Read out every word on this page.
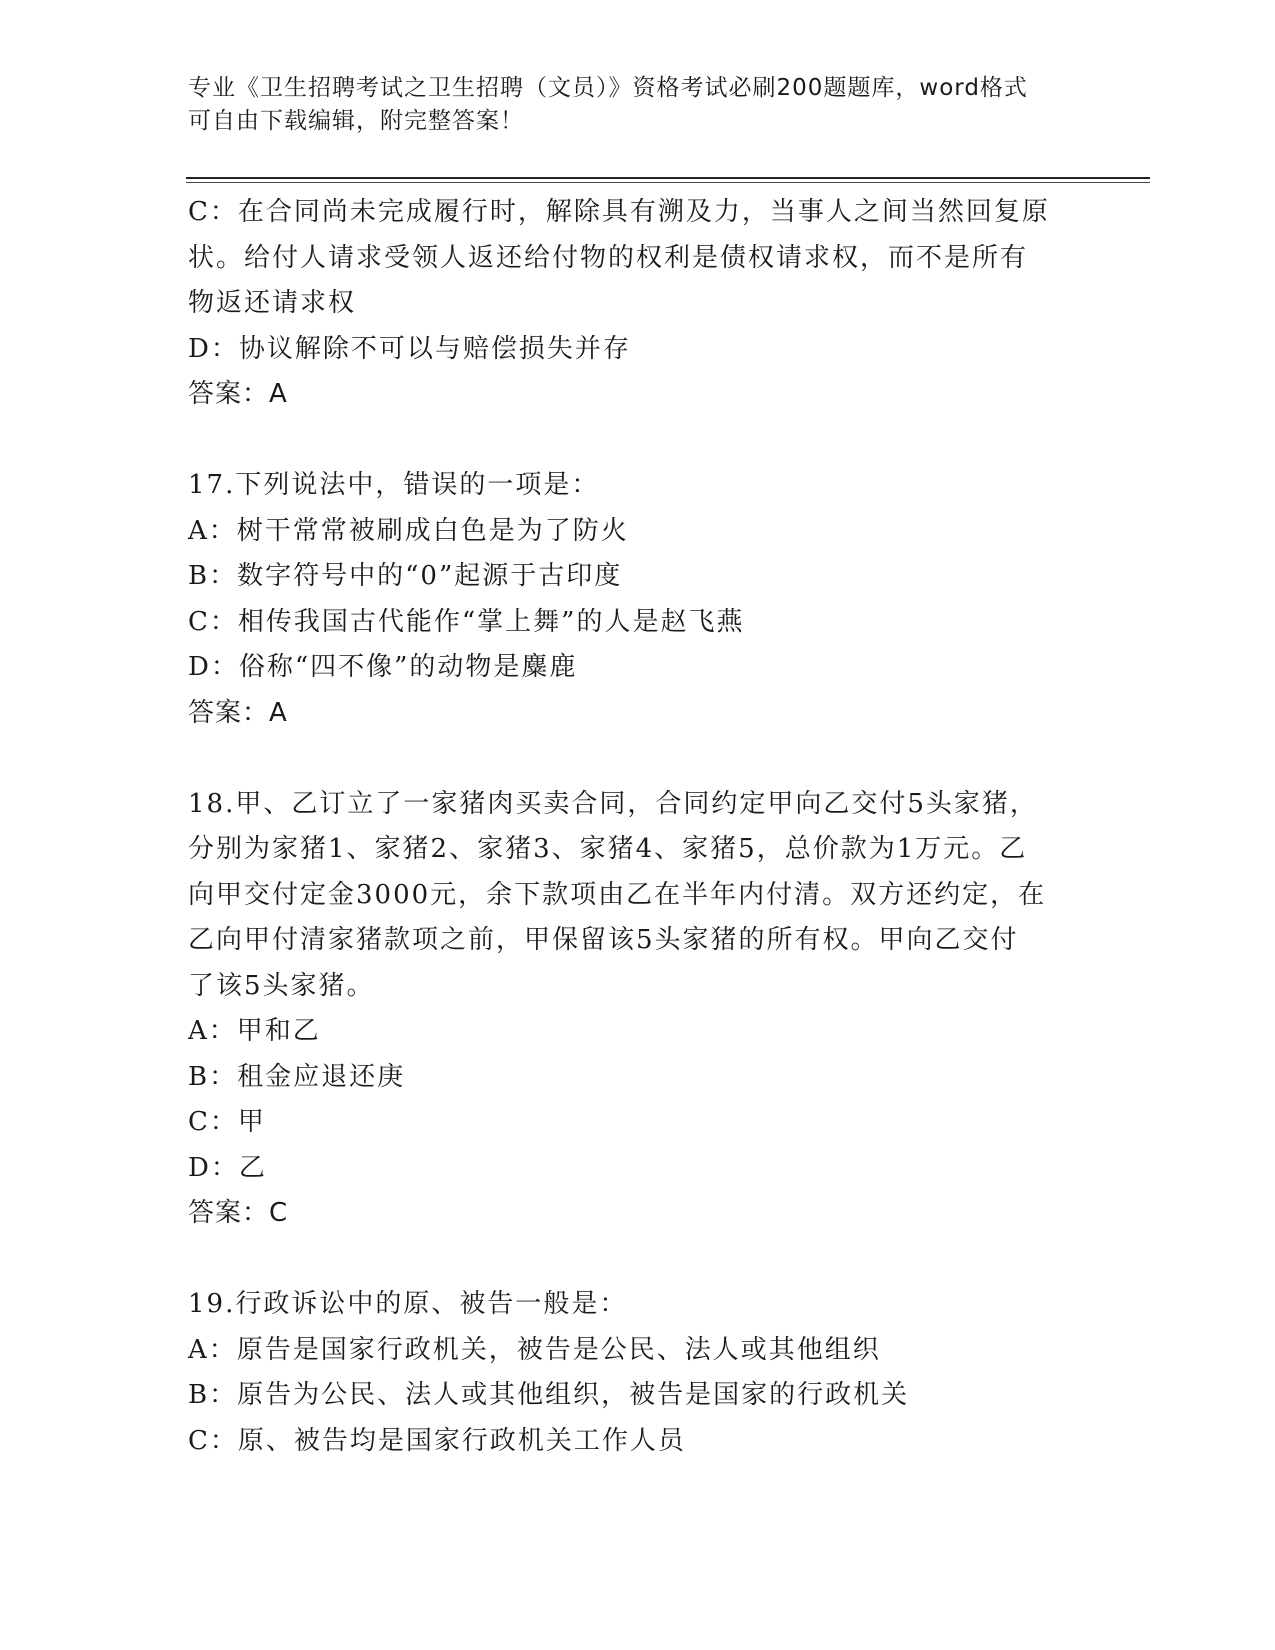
专业《卫生招聘考试之卫生招聘（文员）》资格考试必刷200题题库，word格式
可自由下载编辑，附完整答案！
C：在合同尚未完成履行时，解除具有溯及力，当事人之间当然回复原
状。给付人请求受领人返还给付物的权利是债权请求权，而不是所有
物返还请求权
D：协议解除不可以与赔偿损失并存
答案：A
17.下列说法中，错误的一项是：
A：树干常常被刷成白色是为了防火
B：数字符号中的“0”起源于古印度
C：相传我国古代能作“掌上舞”的人是赵飞燕
D：俗称“四不像”的动物是麋鹿
答案：A
18.甲、乙订立了一家猪肉买卖合同，合同约定甲向乙交付5头家猪，
分别为家猪1、家猪2、家猪3、家猪4、家猪5，总价款为1万元。乙
向甲交付定金3000元，余下款项由乙在半年内付清。双方还约定，在
乙向甲付清家猪款项之前，甲保留该5头家猪的所有权。甲向乙交付
了该5头家猪。
A：甲和乙
B：租金应退还庚
C：甲
D：乙
答案：C
19.行政诉讼中的原、被告一般是：
A：原告是国家行政机关，被告是公民、法人或其他组织
B：原告为公民、法人或其他组织，被告是国家的行政机关
C：原、被告均是国家行政机关工作人员
